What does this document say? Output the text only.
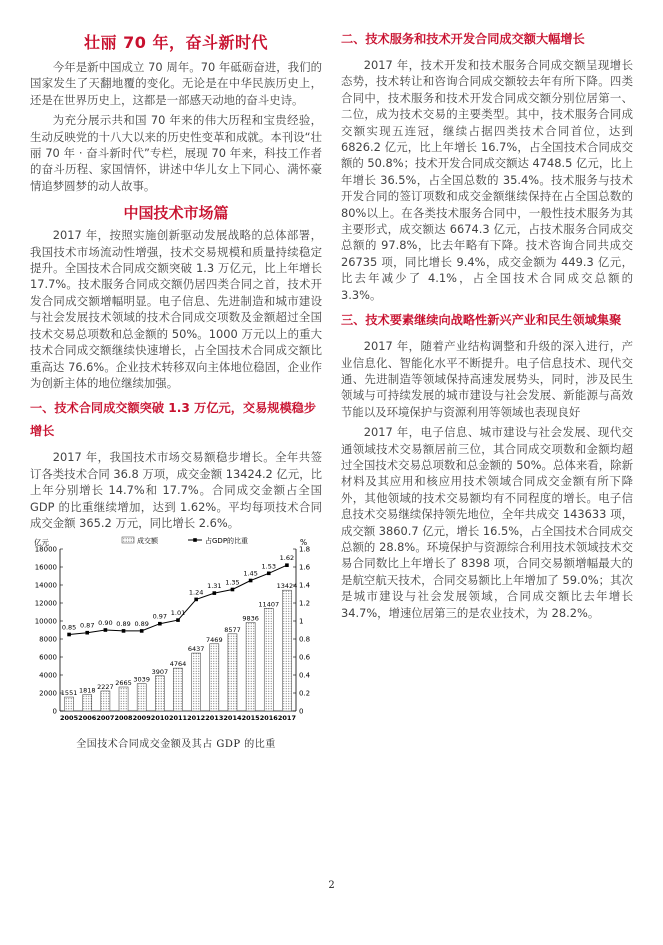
壮丽 70 年，奋斗新时代

今年是新中国成立 70 周年。70 年砥砺奋进，我们的国家发生了天翻地覆的变化。无论是在中华民族历史上，还是在世界历史上，这都是一部感天动地的奋斗史诗。

为充分展示共和国 70 年来的伟大历程和宝贵经验，生动反映党的十八大以来的历史性变革和成就。本刊设“壮丽 70 年 · 奋斗新时代”专栏，展现 70 年来，科技工作者的奋斗历程、家国情怀，讲述中华儿女上下同心、满怀豪情追梦圆梦的动人故事。

中国技术市场篇

2017 年，按照实施创新驱动发展战略的总体部署，我国技术市场流动性增强，技术交易规模和质量持续稳定提升。全国技术合同成交额突破 1.3 万亿元，比上年增长 17.7%。技术服务合同成交额仍居四类合同之首，技术开发合同成交额增幅明显。电子信息、先进制造和城市建设与社会发展技术领域的技术合同成交项数及金额超过全国技术交易总项数和总金额的 50%。1000 万元以上的重大技术合同成交额继续快速增长，占全国技术合同成交额比重高达 76.6%。企业技术转移双向主体地位稳固，企业作为创新主体的地位继续加强。

一、技术合同成交额突破 1.3 万亿元，交易规模稳步增长

2017 年，我国技术市场交易额稳步增长。全年共签订各类技术合同 36.8 万项，成交金额 13424.2 亿元，比上年分别增长 14.7%和 17.7%。合同成交金额占全国 GDP 的比重继续增加，达到 1.62%。平均每项技术合同成交金额 365.2 万元，同比增长 2.6%。

亿元	%
0
2000
4000
6000
8000
10000
12000
14000
16000
18000
0
0.2
0.4
0.6
0.8
1
1.2
1.4
1.6
1.8
1551 1818 2227 2665 3039
3907
4764
6437
7469
8577
9836
11407
13424
2005 2006 2007 2008 2009 2010 2011 2012 2013 2014 2015 2016 2017
0.85 0.87 0.90 0.89 0.89
0.97 1.01
1.24
1.31 1.35
1.45
1.53
1.62
成交额	占GDP的比重
全国技术合同成交金额及其占 GDP 的比重
二、技术服务和技术开发合同成交额大幅增长

2017 年，技术开发和技术服务合同成交额呈现增长态势，技术转让和咨询合同成交额较去年有所下降。四类合同中，技术服务和技术开发合同成交额分别位居第一、二位，成为技术交易的主要类型。其中，技术服务合同成交额实现五连冠，继续占据四类技术合同首位，达到 6826.2 亿元，比上年增长 16.7%，占全国技术合同成交额的 50.8%；技术开发合同成交额达 4748.5 亿元，比上年增长 36.5%，占全国总数的 35.4%。技术服务与技术开发合同的签订项数和成交金额继续保持在占全国总数的 80%以上。在各类技术服务合同中，一般性技术服务为其主要形式，成交额达 6674.3 亿元，占技术服务合同成交总额的 97.8%，比去年略有下降。技术咨询合同共成交 26735 项，同比增长 9.4%，成交金额为 449.3 亿元，比去年减少了 4.1%，占全国技术合同成交总额的 3.3%。

三、技术要素继续向战略性新兴产业和民生领域集聚

2017 年，随着产业结构调整和升级的深入进行，产业信息化、智能化水平不断提升。电子信息技术、现代交通、先进制造等领域保持高速发展势头，同时，涉及民生领域与可持续发展的城市建设与社会发展、新能源与高效节能以及环境保护与资源利用等领域也表现良好

2017 年，电子信息、城市建设与社会发展、现代交通领域技术交易额居前三位，其合同成交项数和金额均超过全国技术交易总项数和总金额的 50%。总体来看，除新材料及其应用和核应用技术领域合同成交金额有所下降外，其他领域的技术交易额均有不同程度的增长。电子信息技术交易继续保持领先地位，全年共成交 143633 项，成交额 3860.7 亿元，增长 16.5%，占全国技术合同成交总额的 28.8%。环境保护与资源综合利用技术领域技术交易合同数比上年增长了 8398 项，合同交易额增幅最大的是航空航天技术，合同交易额比上年增加了 59.0%；其次是城市建设与社会发展领域，合同成交额比去年增长 34.7%，增速位居第三的是农业技术，为 28.2%。

2
